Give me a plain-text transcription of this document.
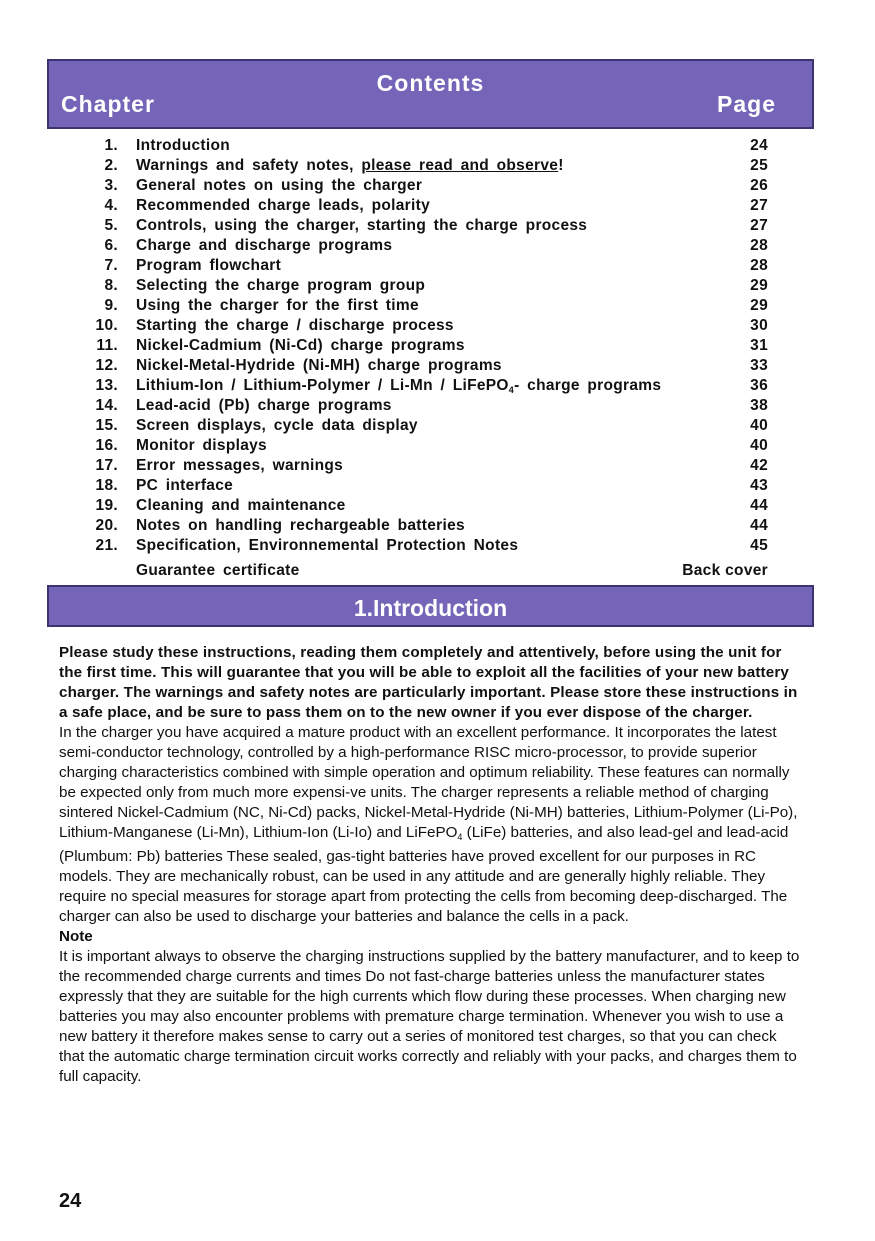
Contents
Chapter	Page
1. Introduction	24
2. Warnings and safety notes, please read and observe!	25
3. General notes on using the charger	26
4. Recommended charge leads, polarity	27
5. Controls, using the charger, starting the charge process	27
6. Charge and discharge programs	28
7. Program flowchart	28
8. Selecting the charge program group	29
9. Using the charger for the first time	29
10. Starting the charge / discharge process	30
11. Nickel-Cadmium (Ni-Cd) charge programs	31
12. Nickel-Metal-Hydride (Ni-MH) charge programs	33
13. Lithium-Ion / Lithium-Polymer / Li-Mn / LiFePO$_4$- charge programs	36
14. Lead-acid (Pb) charge programs	38
15. Screen displays, cycle data display	40
16. Monitor displays	40
17. Error messages, warnings	42
18. PC interface	43
19. Cleaning and maintenance	44
20. Notes on handling rechargeable batteries	44
21. Specification, Environnemental Protection Notes	45
Guarantee certificate	Back cover
1.Introduction

Please study these instructions, reading them completely and attentively, before using the unit for the first time. This will guarantee that you will be able to exploit all the facilities of your new battery charger. The warnings and safety notes are particularly important. Please store these instructions in a safe place, and be sure to pass them on to the new owner if you ever dispose of the charger.

In the charger you have acquired a mature product with an excellent performance. It incorporates the latest semi-conductor technology, controlled by a high-performance RISC micro-processor, to provide superior charging characteristics combined with simple operation and optimum reliability. These features can normally be expected only from much more expensi-ve units. The charger represents a reliable method of charging sintered Nickel-Cadmium (NC, Ni-Cd) packs, Nickel-Metal-Hydride (Ni-MH) batteries, Lithium-Polymer (Li-Po), Lithium-Manganese (Li-Mn), Lithium-Ion (Li-Io) and LiFePO$_4$ (LiFe) batteries, and also lead-gel and lead-acid (Plumbum: Pb) batteries These sealed, gas-tight batteries have proved excellent for our purposes in RC models. They are mechanically robust, can be used in any attitude and are generally highly reliable. They require no special measures for storage apart from protecting the cells from becoming deep-discharged. The charger can also be used to discharge your batteries and balance the cells in a pack.

Note

It is important always to observe the charging instructions supplied by the battery manufacturer, and to keep to the recommended charge currents and times Do not fast-charge batteries unless the manufacturer states expressly that they are suitable for the high currents which flow during these processes. When charging new batteries you may also encounter problems with premature charge termination. Whenever you wish to use a new battery it therefore makes sense to carry out a series of monitored test charges, so that you can check that the automatic charge termination circuit works correctly and reliably with your packs, and charges them to full capacity.

24
